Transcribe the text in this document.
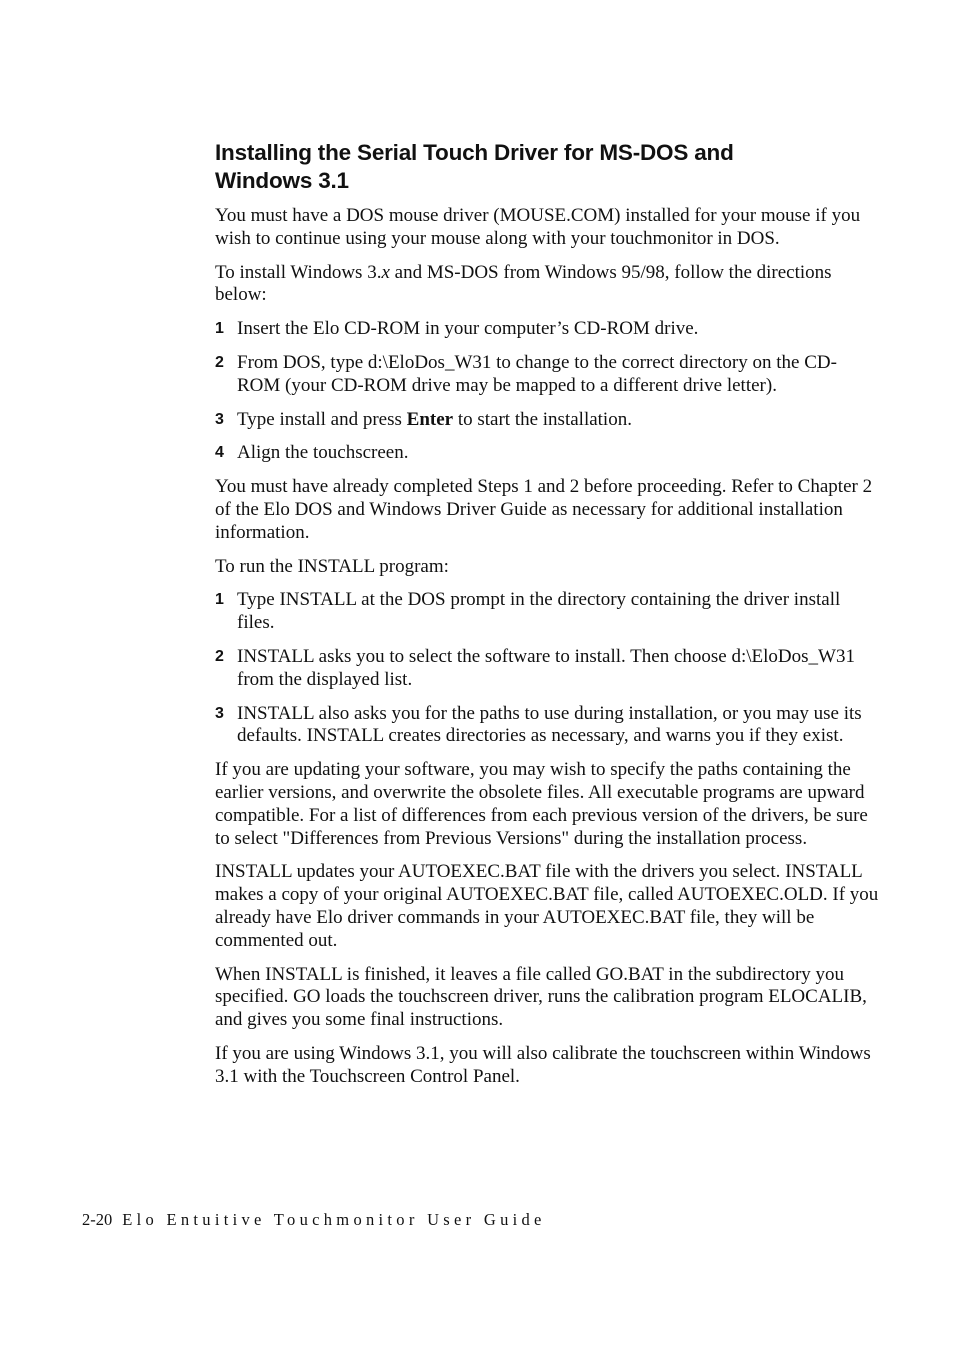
Installing the Serial Touch Driver for MS-DOS and
Windows 3.1

You must have a DOS mouse driver (MOUSE.COM) installed for your mouse if you wish to continue using your mouse along with your touchmonitor in DOS.

To install Windows 3.x and MS-DOS from Windows 95/98, follow the directions below:

1 Insert the Elo CD-ROM in your computer’s CD-ROM drive.
2 From DOS, type d:\EloDos_W31 to change to the correct directory on the CD-ROM (your CD-ROM drive may be mapped to a different drive letter).
3 Type install and press Enter to start the installation.
4 Align the touchscreen.

You must have already completed Steps 1 and 2 before proceeding. Refer to Chapter 2 of the Elo DOS and Windows Driver Guide as necessary for additional installation information.

To run the INSTALL program:

1 Type INSTALL at the DOS prompt in the directory containing the driver install files.
2 INSTALL asks you to select the software to install. Then choose d:\EloDos_W31 from the displayed list.
3 INSTALL also asks you for the paths to use during installation, or you may use its defaults. INSTALL creates directories as necessary, and warns you if they exist.

If you are updating your software, you may wish to specify the paths containing the earlier versions, and overwrite the obsolete files. All executable programs are upward compatible. For a list of differences from each previous version of the drivers, be sure to select "Differences from Previous Versions" during the installation process.

INSTALL updates your AUTOEXEC.BAT file with the drivers you select. INSTALL makes a copy of your original AUTOEXEC.BAT file, called AUTOEXEC.OLD. If you already have Elo driver commands in your AUTOEXEC.BAT file, they will be commented out.

When INSTALL is finished, it leaves a file called GO.BAT in the subdirectory you specified. GO loads the touchscreen driver, runs the calibration program ELOCALIB, and gives you some final instructions.

If you are using Windows 3.1, you will also calibrate the touchscreen within Windows 3.1 with the Touchscreen Control Panel.

2-20 Elo Entuitive Touchmonitor User Guide
